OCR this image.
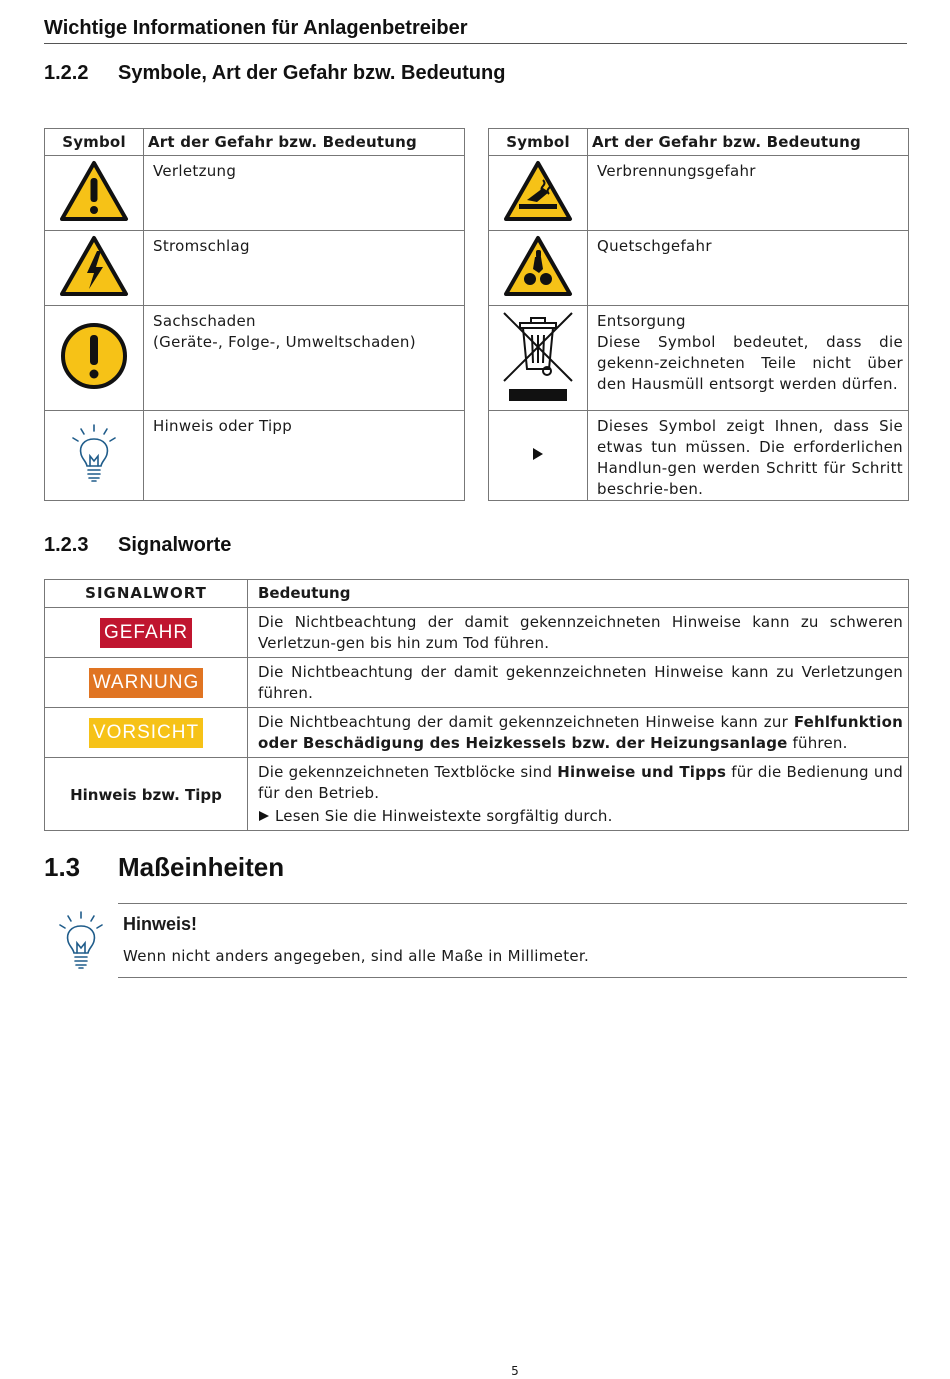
Wichtige Informationen für Anlagenbetreiber
1.2.2 Symbole, Art der Gefahr bzw. Bedeutung
Symbol	Art der Gefahr bzw. Bedeutung
	Verletzung
	Stromschlag
	Sachschaden
(Geräte-, Folge-, Umweltschaden)

	Hinweis oder Tipp
Symbol	Art der Gefahr bzw. Bedeutung
	Verbrennungsgefahr
	Quetschgefahr
	Entsorgung
Diese Symbol bedeutet, dass die gekenn-zeichneten Teile nicht über den Hausmüll entsorgt werden dürfen.

	Dieses Symbol zeigt Ihnen, dass Sie etwas tun müssen. Die erforderlichen Handlun-gen werden Schritt für Schritt beschrie-ben.
1.2.3 Signalworte
SIGNALWORT	Bedeutung
GEFAHR	Die Nichtbeachtung der damit gekennzeichneten Hinweise kann zu schweren Verletzun-gen bis hin zum Tod führen.
WARNUNG	Die Nichtbeachtung der damit gekennzeichneten Hinweise kann zu Verletzungen führen.
VORSICHT	Die Nichtbeachtung der damit gekennzeichneten Hinweise kann zur Fehlfunktion oder Beschädigung des Heizkessels bzw. der Heizungsanlage führen.
Hinweis bzw. Tipp	Die gekennzeichneten Textblöcke sind Hinweise und Tipps für die Bedienung und für den Betrieb.
Lesen Sie die Hinweistexte sorgfältig durch.
1.3 Maßeinheiten
Hinweis!
Wenn nicht anders angegeben, sind alle Maße in Millimeter.
5
